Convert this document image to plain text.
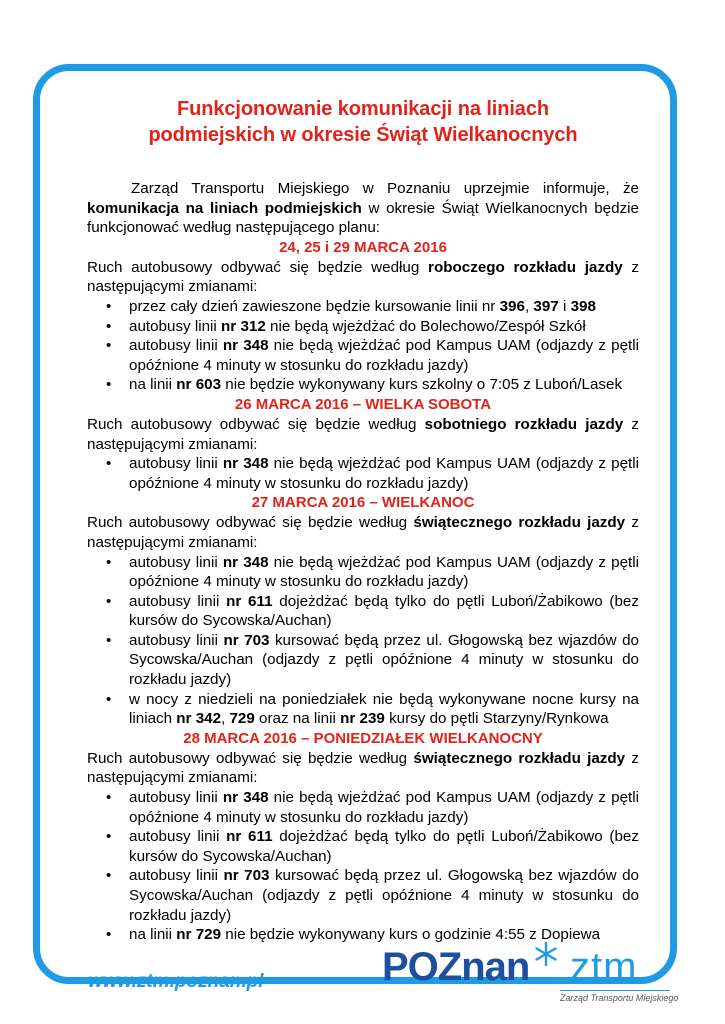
Funkcjonowanie komunikacji na liniach
podmiejskich w okresie Świąt Wielkanocnych

Zarząd Transportu Miejskiego w Poznaniu uprzejmie informuje, że komunikacja na liniach podmiejskich w okresie Świąt Wielkanocnych będzie funkcjonować według następującego planu:

24, 25 i 29 MARCA 2016

Ruch autobusowy odbywać się będzie według roboczego rozkładu jazdy z następującymi zmianami:

• przez cały dzień zawieszone będzie kursowanie linii nr 396, 397 i 398
• autobusy linii nr 312 nie będą wjeżdżać do Bolechowo/Zespół Szkół
• autobusy linii nr 348 nie będą wjeżdżać pod Kampus UAM (odjazdy z pętli opóźnione 4 minuty w stosunku do rozkładu jazdy)
• na linii nr 603 nie będzie wykonywany kurs szkolny o 7:05 z Luboń/Lasek

26 MARCA 2016 – WIELKA SOBOTA

Ruch autobusowy odbywać się będzie według sobotniego rozkładu jazdy z następującymi zmianami:

• autobusy linii nr 348 nie będą wjeżdżać pod Kampus UAM (odjazdy z pętli opóźnione 4 minuty w stosunku do rozkładu jazdy)

27 MARCA 2016 – WIELKANOC

Ruch autobusowy odbywać się będzie według świątecznego rozkładu jazdy z następującymi zmianami:

• autobusy linii nr 348 nie będą wjeżdżać pod Kampus UAM (odjazdy z pętli opóźnione 4 minuty w stosunku do rozkładu jazdy)
• autobusy linii nr 611 dojeżdżać będą tylko do pętli Luboń/Żabikowo (bez kursów do Sycowska/Auchan)
• autobusy linii nr 703 kursować będą przez ul. Głogowską bez wjazdów do Sycowska/Auchan (odjazdy z pętli opóźnione 4 minuty w stosunku do rozkładu jazdy)
• w nocy z niedzieli na poniedziałek nie będą wykonywane nocne kursy na liniach nr 342, 729 oraz na linii nr 239 kursy do pętli Starzyny/Rynkowa

28 MARCA 2016 – PONIEDZIAŁEK WIELKANOCNY

Ruch autobusowy odbywać się będzie według świątecznego rozkładu jazdy z następującymi zmianami:

• autobusy linii nr 348 nie będą wjeżdżać pod Kampus UAM (odjazdy z pętli opóźnione 4 minuty w stosunku do rozkładu jazdy)
• autobusy linii nr 611 dojeżdżać będą tylko do pętli Luboń/Żabikowo (bez kursów do Sycowska/Auchan)
• autobusy linii nr 703 kursować będą przez ul. Głogowską bez wjazdów do Sycowska/Auchan (odjazdy z pętli opóźnione 4 minuty w stosunku do rozkładu jazdy)
• na linii nr 729 nie będzie wykonywany kurs o godzinie 4:55 z Dopiewa
www.ztm.poznan.pl	POZnan ztm
Zarząd Transportu Miejskiego
